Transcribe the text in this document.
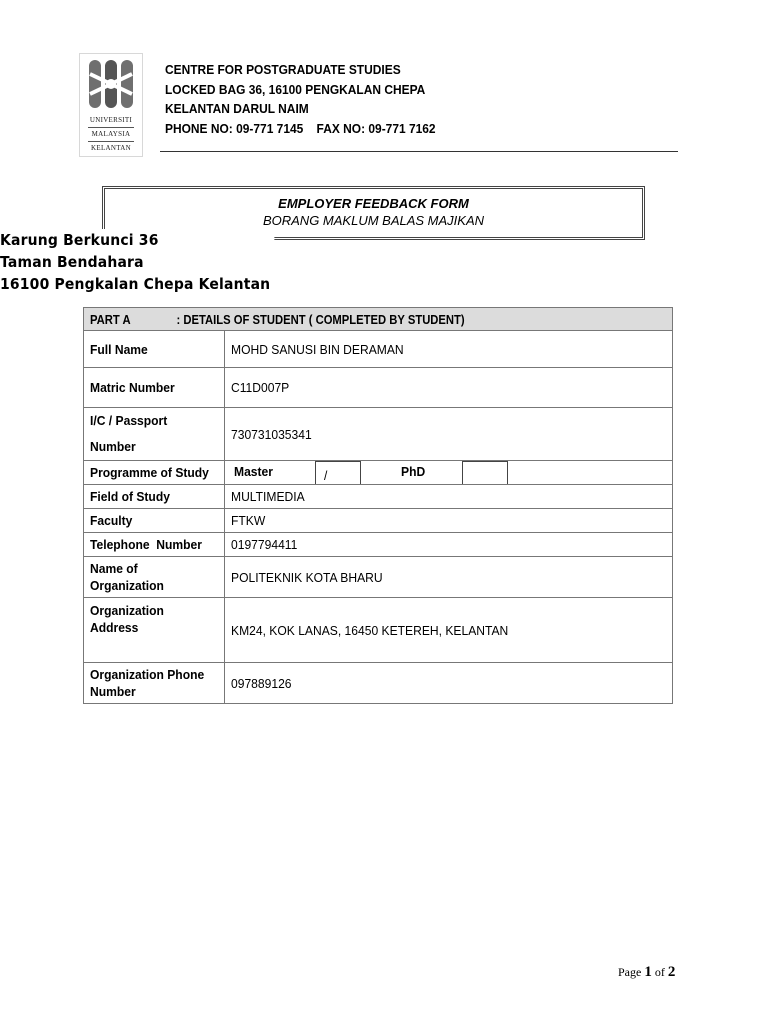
UNIVERSITI
MALAYSIA
KELANTAN
CENTRE FOR POSTGRADUATE STUDIES
LOCKED BAG 36, 16100 PENGKALAN CHEPA
KELANTAN DARUL NAIM
PHONE NO: 09-771 7145    FAX NO: 09-771 7162
EMPLOYER FEEDBACK FORM
BORANG MAKLUM BALAS MAJIKAN
Karung Berkunci 36
Taman Bendahara
16100 Pengkalan Chepa Kelantan
PART A : DETAILS OF STUDENT ( COMPLETED BY STUDENT)	
Full Name	MOHD SANUSI BIN DERAMAN
Matric Number	C11D007P
I/C / Passport
Number	730731035341
Programme of Study	Master / PhD

Field of Study	MULTIMEDIA
Faculty	FTKW
Telephone  Number	0197794411
Name of Organization	POLITEKNIK KOTA BHARU
Organization Address	KM24, KOK LANAS, 16450 KETEREH, KELANTAN
Organization Phone Number	097889126
Page 1 of 2
